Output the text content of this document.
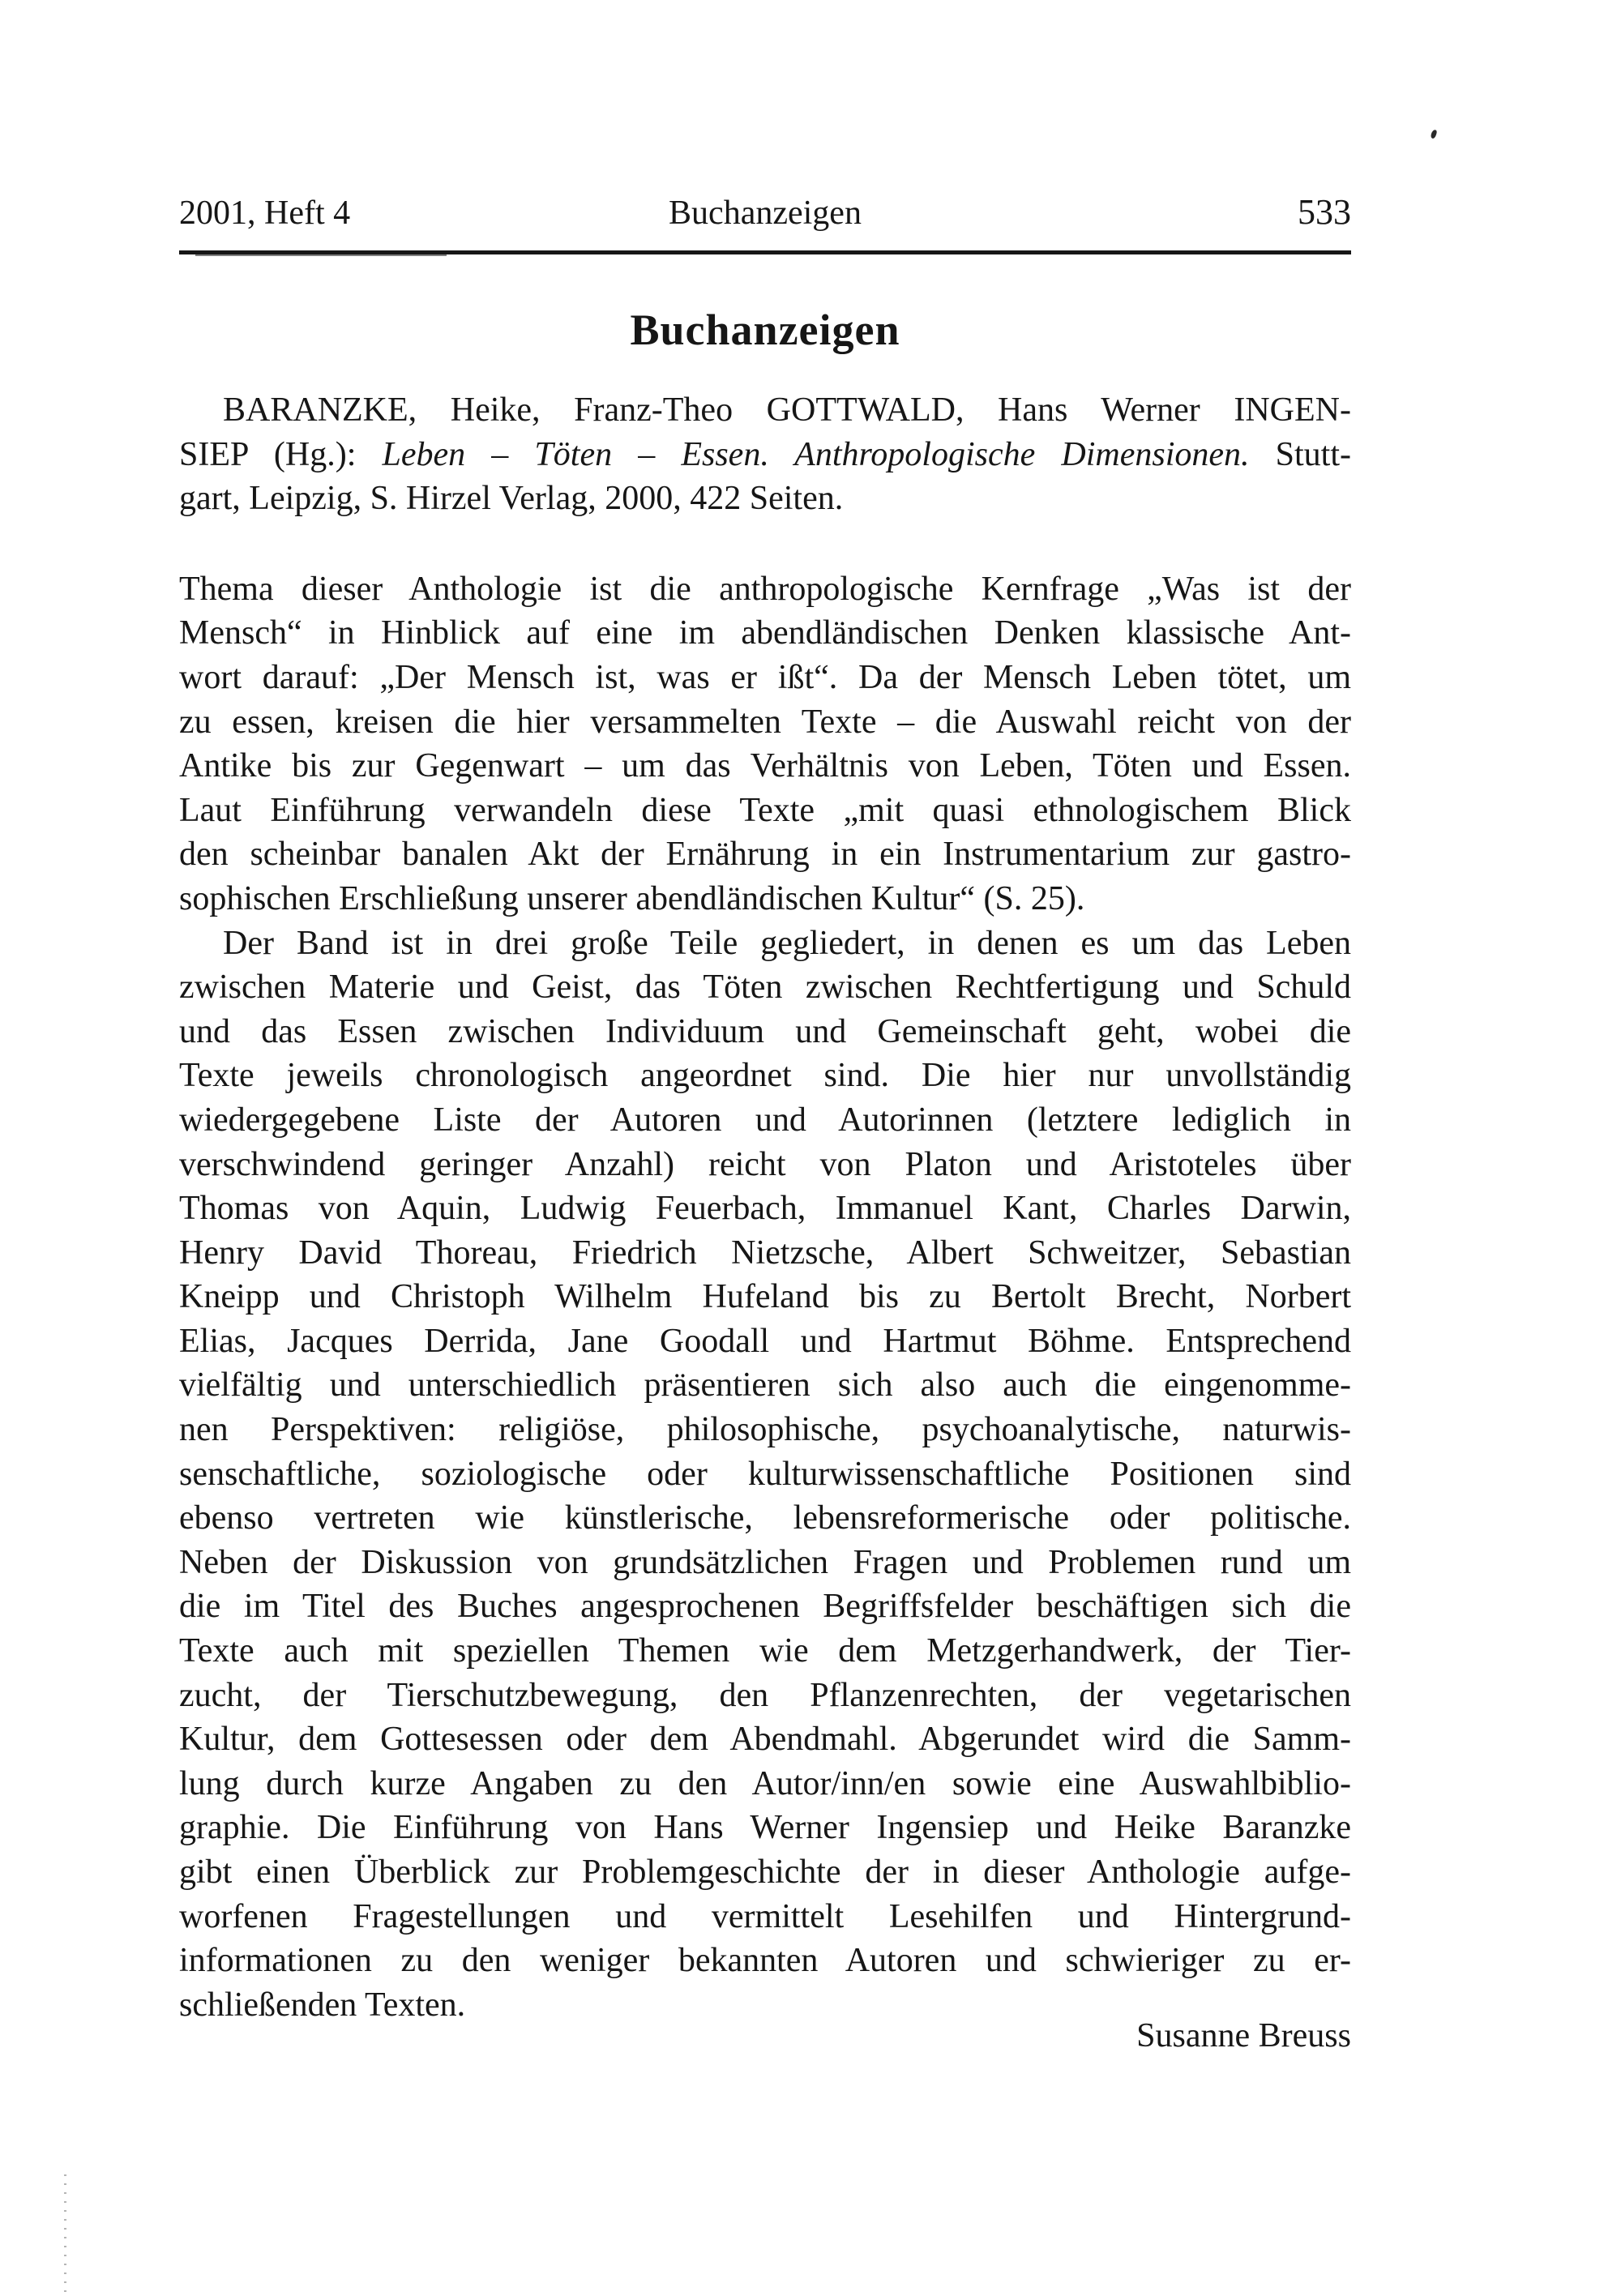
2001, Heft 4	Buchanzeigen	533
Buchanzeigen
BARANZKE, Heike, Franz-Theo GOTTWALD, Hans Werner INGEN-
SIEP (Hg.): Leben – Töten – Essen. Anthropologische Dimensionen. Stutt-
gart, Leipzig, S. Hirzel Verlag, 2000, 422 Seiten.
Thema dieser Anthologie ist die anthropologische Kernfrage „Was ist der
Mensch“ in Hinblick auf eine im abendländischen Denken klassische Ant-
wort darauf: „Der Mensch ist, was er ißt“. Da der Mensch Leben tötet, um
zu essen, kreisen die hier versammelten Texte – die Auswahl reicht von der
Antike bis zur Gegenwart – um das Verhältnis von Leben, Töten und Essen.
Laut Einführung verwandeln diese Texte „mit quasi ethnologischem Blick
den scheinbar banalen Akt der Ernährung in ein Instrumentarium zur gastro-
sophischen Erschließung unserer abendländischen Kultur“ (S. 25).
Der Band ist in drei große Teile gegliedert, in denen es um das Leben
zwischen Materie und Geist, das Töten zwischen Rechtfertigung und Schuld
und das Essen zwischen Individuum und Gemeinschaft geht, wobei die
Texte jeweils chronologisch angeordnet sind. Die hier nur unvollständig
wiedergegebene Liste der Autoren und Autorinnen (letztere lediglich in
verschwindend geringer Anzahl) reicht von Platon und Aristoteles über
Thomas von Aquin, Ludwig Feuerbach, Immanuel Kant, Charles Darwin,
Henry David Thoreau, Friedrich Nietzsche, Albert Schweitzer, Sebastian
Kneipp und Christoph Wilhelm Hufeland bis zu Bertolt Brecht, Norbert
Elias, Jacques Derrida, Jane Goodall und Hartmut Böhme. Entsprechend
vielfältig und unterschiedlich präsentieren sich also auch die eingenomme-
nen Perspektiven: religiöse, philosophische, psychoanalytische, naturwis-
senschaftliche, soziologische oder kulturwissenschaftliche Positionen sind
ebenso vertreten wie künstlerische, lebensreformerische oder politische.
Neben der Diskussion von grundsätzlichen Fragen und Problemen rund um
die im Titel des Buches angesprochenen Begriffsfelder beschäftigen sich die
Texte auch mit speziellen Themen wie dem Metzgerhandwerk, der Tier-
zucht, der Tierschutzbewegung, den Pflanzenrechten, der vegetarischen
Kultur, dem Gottesessen oder dem Abendmahl. Abgerundet wird die Samm-
lung durch kurze Angaben zu den Autor/inn/en sowie eine Auswahlbiblio-
graphie. Die Einführung von Hans Werner Ingensiep und Heike Baranzke
gibt einen Überblick zur Problemgeschichte der in dieser Anthologie aufge-
worfenen Fragestellungen und vermittelt Lesehilfen und Hintergrund-
informationen zu den weniger bekannten Autoren und schwieriger zu er-
schließenden Texten.
Susanne Breuss
